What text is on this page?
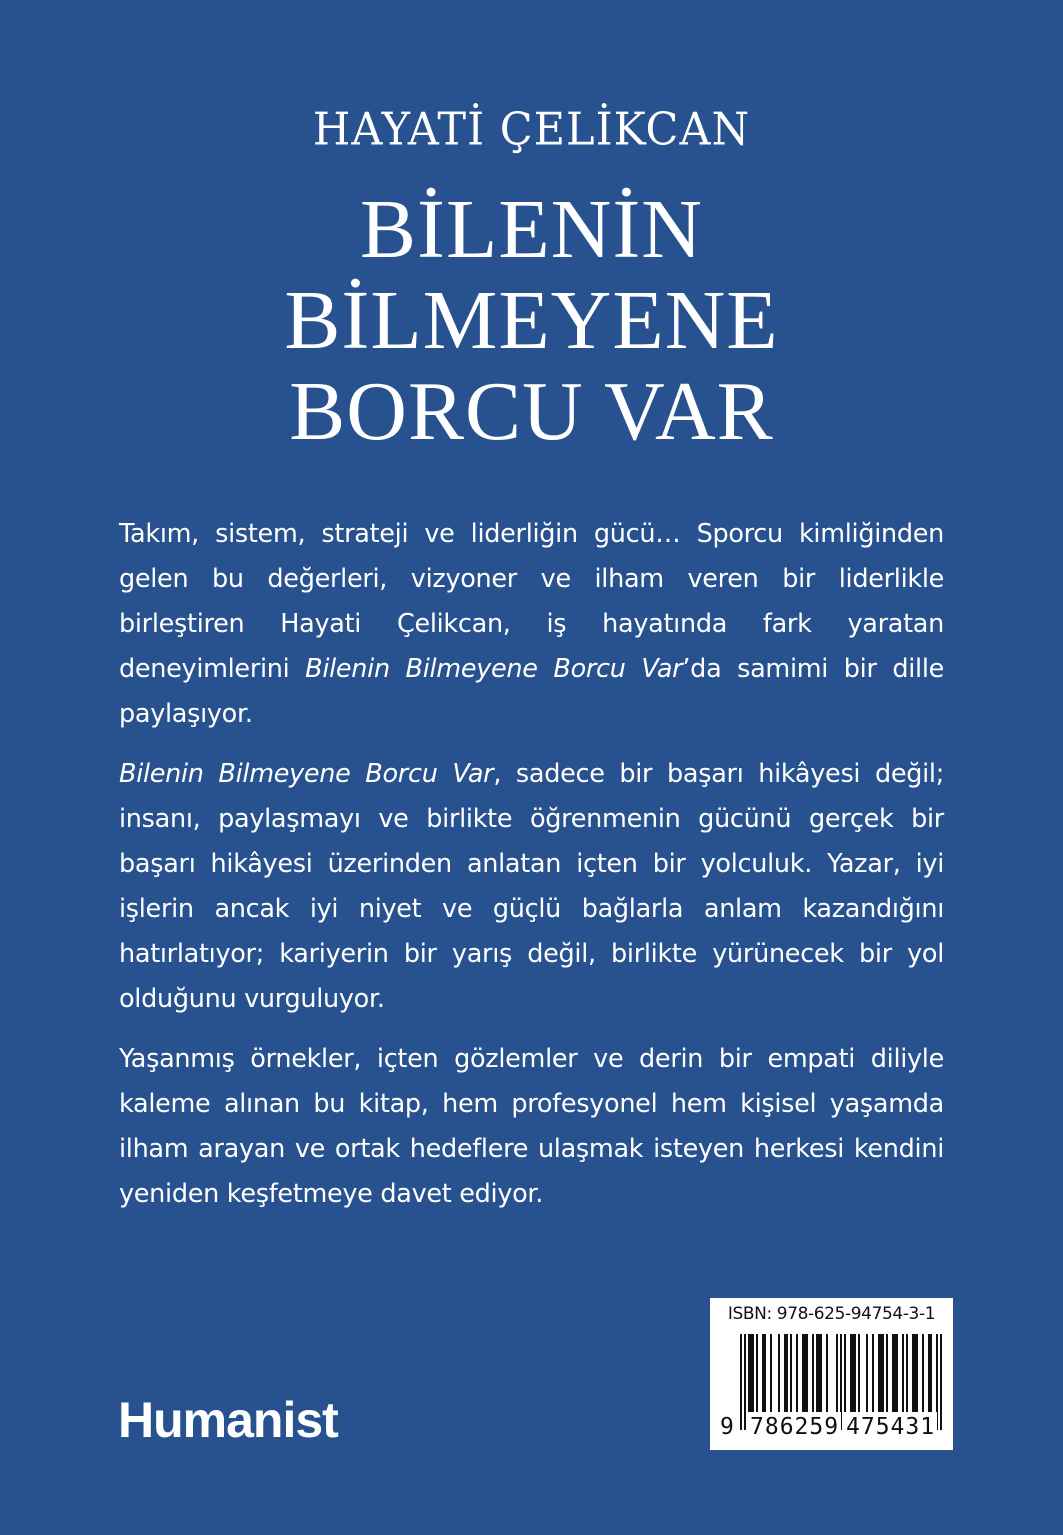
HAYATİ ÇELİKCAN
BİLENİN
BİLMEYENE
BORCU VAR

Takım, sistem, strateji ve liderliğin gücü… Sporcu kimliğinden gelen bu değerleri, vizyoner ve ilham veren bir liderlikle birleştiren Hayati Çelikcan, iş hayatında fark yaratan deneyimlerini Bilenin Bilmeyene Borcu Var’da samimi bir dille paylaşıyor.

Bilenin Bilmeyene Borcu Var, sadece bir başarı hikâyesi değil; insanı, paylaşmayı ve birlikte öğrenmenin gücünü gerçek bir başarı hikâyesi üzerinden anlatan içten bir yolculuk. Yazar, iyi işlerin ancak iyi niyet ve güçlü bağlarla anlam kazandığını hatırlatıyor; kariyerin bir yarış değil, birlikte yürünecek bir yol olduğunu vurguluyor.

Yaşanmış örnekler, içten gözlemler ve derin bir empati diliyle kaleme alınan bu kitap, hem profesyonel hem kişisel yaşamda ilham arayan ve ortak hedeflere ulaşmak isteyen herkesi kendini yeniden keşfetmeye davet ediyor.

Humanist
ISBN: 978-625-94754-3-1
9 786259 475431
